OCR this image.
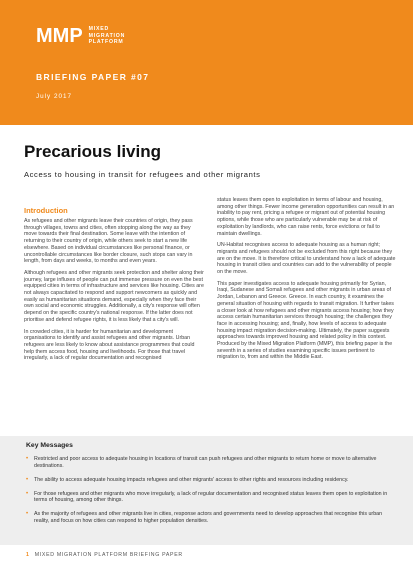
MMP MIXED
MIGRATION
PLATFORM
BRIEFING PAPER #07
July 2017
Precarious living
Access to housing in transit for refugees and other migrants
Introduction

As refugees and other migrants leave their countries of origin, they pass through villages, towns and cities, often stopping along the way as they move towards their final destination. Some leave with the intention of returning to their country of origin, while others seek to start a new life elsewhere. Based on individual circumstances like personal finance, or uncontrollable circumstances like border closure, such stops can vary in length, from days and weeks, to months and even years.

Although refugees and other migrants seek protection and shelter along their journey, large influxes of people can put immense pressure on even the best equipped cities in terms of infrastructure and services like housing. Cities are not always capacitated to respond and support newcomers as quickly and easily as humanitarian situations demand, especially when they face their own social and economic struggles. Additionally, a city's response will often depend on the specific country's national response. If the latter does not prioritise and defend refugee rights, it is less likely that a city's will.

In crowded cities, it is harder for humanitarian and development organisations to identify and assist refugees and other migrants. Urban refugees are less likely to know about assistance programmes that could help them access food, housing and livelihoods. For those that travel irregularly, a lack of regular documentation and recognised

status leaves them open to exploitation in terms of labour and housing, among other things. Fewer income generation opportunities can result in an inability to pay rent, pricing a refugee or migrant out of potential housing options, while those who are particularly vulnerable may be at risk of exploitation by landlords, who can raise rents, force evictions or fail to maintain dwellings.

UN-Habitat recognises access to adequate housing as a human right; migrants and refugees should not be excluded from this right because they are on the move. It is therefore critical to understand how a lack of adequate housing in transit cities and countries can add to the vulnerability of people on the move.

This paper investigates access to adequate housing primarily for Syrian, Iraqi, Sudanese and Somali refugees and other migrants in urban areas of Jordan, Lebanon and Greece. Greece. In each country, it examines the general situation of housing with regards to transit migration. It further takes a closer look at how refugees and other migrants access housing; how they access certain humanitarian services through housing; the challenges they face in accessing housing; and, finally, how levels of access to adequate housing impact migration decision-making. Ultimately, the paper suggests approaches towards improved housing and related policy in this context. Produced by the Mixed Migration Platform (MMP), this briefing paper is the seventh in a series of studies examining specific issues pertinent to migration to, from and within the Middle East.

Key Messages
• Restricted and poor access to adequate housing in locations of transit can push refugees and other migrants to return home or move to alternative destinations.
• The ability to access adequate housing impacts refugees and other migrants' access to other rights and resources including residency.
• For those refugees and other migrants who move irregularly, a lack of regular documentation and recognised status leaves them open to exploitation in terms of housing, among other things.
• As the majority of refugees and other migrants live in cities, response actors and governments need to develop approaches that recognise this urban reality, and focus on how cities can respond to higher population densities.
1 MIXED MIGRATION PLATFORM BRIEFING PAPER
